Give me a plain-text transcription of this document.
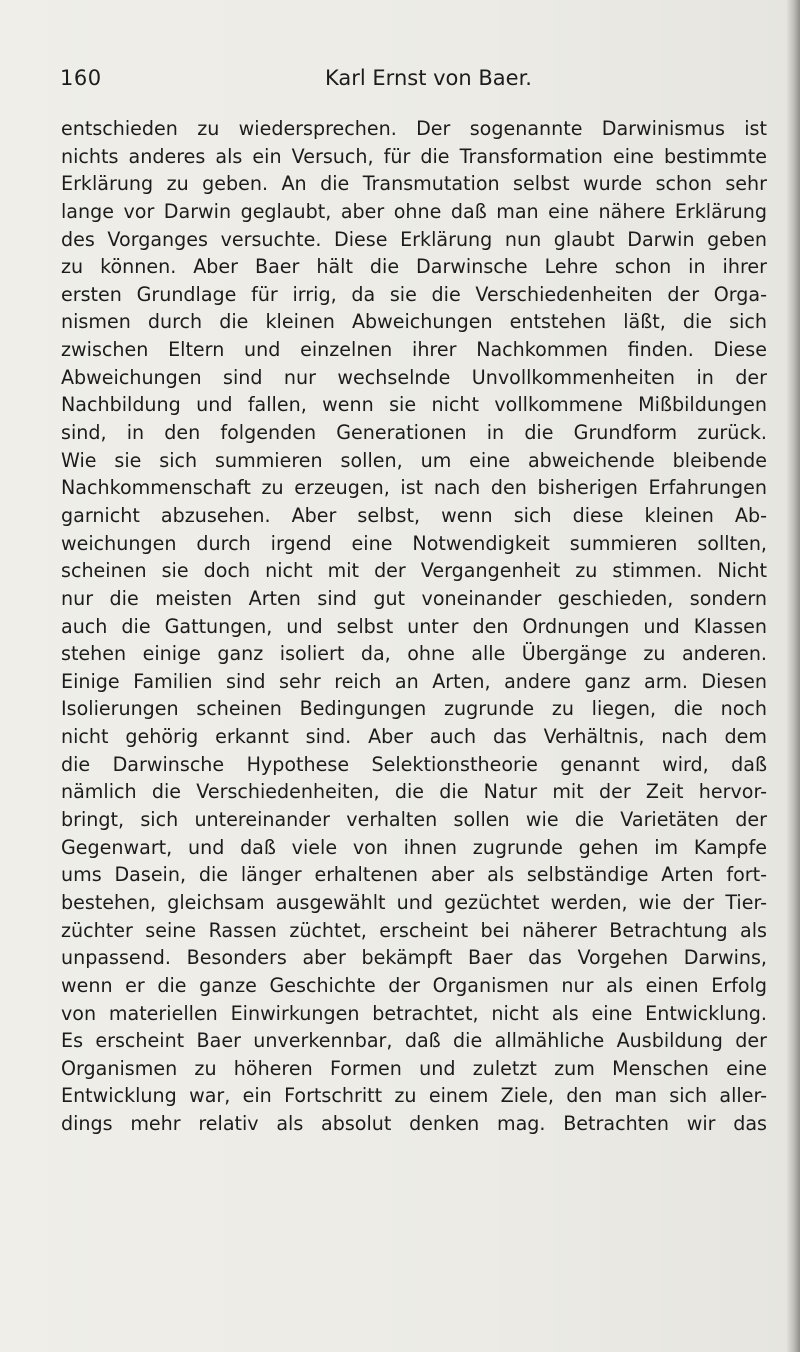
160	Karl Ernst von Baer.
entschieden zu wiedersprechen. Der sogenannte Darwinismus ist
nichts anderes als ein Versuch, für die Transformation eine bestimmte
Erklärung zu geben. An die Transmutation selbst wurde schon sehr
lange vor Darwin geglaubt, aber ohne daß man eine nähere Erklärung
des Vorganges versuchte. Diese Erklärung nun glaubt Darwin geben
zu können. Aber Baer hält die Darwinsche Lehre schon in ihrer
ersten Grundlage für irrig, da sie die Verschiedenheiten der Orga-
nismen durch die kleinen Abweichungen entstehen läßt, die sich
zwischen Eltern und einzelnen ihrer Nachkommen finden. Diese
Abweichungen sind nur wechselnde Unvollkommenheiten in der
Nachbildung und fallen, wenn sie nicht vollkommene Mißbildungen
sind, in den folgenden Generationen in die Grundform zurück.
Wie sie sich summieren sollen, um eine abweichende bleibende
Nachkommenschaft zu erzeugen, ist nach den bisherigen Erfahrungen
garnicht abzusehen. Aber selbst, wenn sich diese kleinen Ab-
weichungen durch irgend eine Notwendigkeit summieren sollten,
scheinen sie doch nicht mit der Vergangenheit zu stimmen. Nicht
nur die meisten Arten sind gut voneinander geschieden, sondern
auch die Gattungen, und selbst unter den Ordnungen und Klassen
stehen einige ganz isoliert da, ohne alle Übergänge zu anderen.
Einige Familien sind sehr reich an Arten, andere ganz arm. Diesen
Isolierungen scheinen Bedingungen zugrunde zu liegen, die noch
nicht gehörig erkannt sind. Aber auch das Verhältnis, nach dem
die Darwinsche Hypothese Selektionstheorie genannt wird, daß
nämlich die Verschiedenheiten, die die Natur mit der Zeit hervor-
bringt, sich untereinander verhalten sollen wie die Varietäten der
Gegenwart, und daß viele von ihnen zugrunde gehen im Kampfe
ums Dasein, die länger erhaltenen aber als selbständige Arten fort-
bestehen, gleichsam ausgewählt und gezüchtet werden, wie der Tier-
züchter seine Rassen züchtet, erscheint bei näherer Betrachtung als
unpassend. Besonders aber bekämpft Baer das Vorgehen Darwins,
wenn er die ganze Geschichte der Organismen nur als einen Erfolg
von materiellen Einwirkungen betrachtet, nicht als eine Entwicklung.
Es erscheint Baer unverkennbar, daß die allmähliche Ausbildung der
Organismen zu höheren Formen und zuletzt zum Menschen eine
Entwicklung war, ein Fortschritt zu einem Ziele, den man sich aller-
dings mehr relativ als absolut denken mag. Betrachten wir das
